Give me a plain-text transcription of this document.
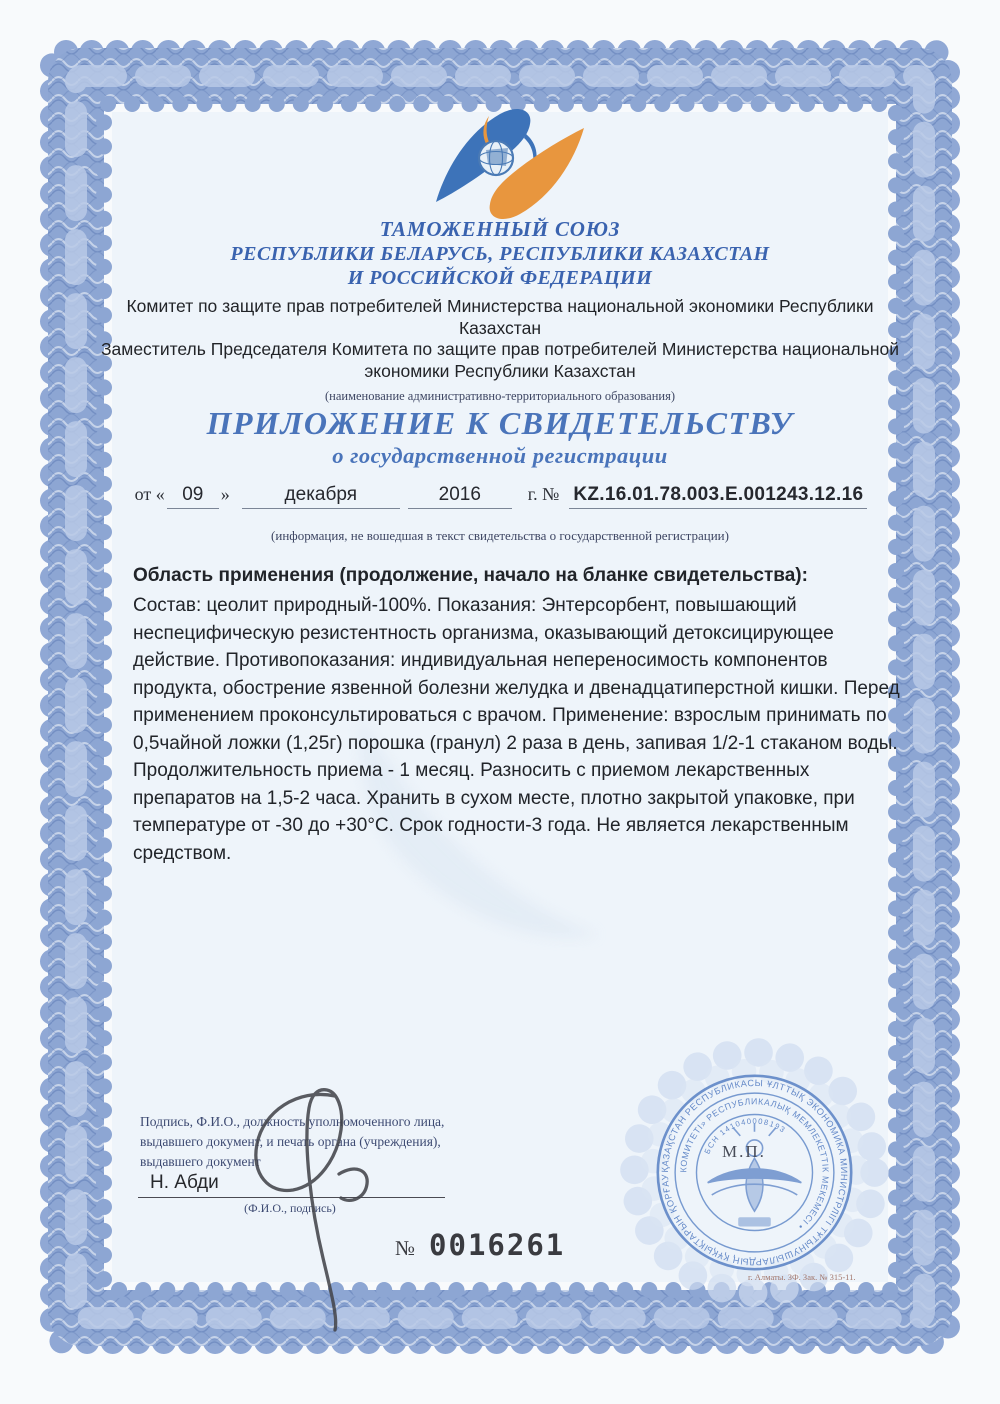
ТАМОЖЕННЫЙ СОЮЗ
РЕСПУБЛИКИ БЕЛАРУСЬ, РЕСПУБЛИКИ КАЗАХСТАН
И РОССИЙСКОЙ ФЕДЕРАЦИИ
Комитет по защите прав потребителей Министерства национальной экономики Республики Казахстан
Заместитель Председателя Комитета по защите прав потребителей Министерства национальной экономики Республики Казахстан
(наименование административно-территориального образования)
ПРИЛОЖЕНИЕ К СВИДЕТЕЛЬСТВУ
о государственной регистрации
от « 09 »	декабря	2016	г. № KZ.16.01.78.003.Е.001243.12.16
(информация, не вошедшая в текст свидетельства о государственной регистрации)
Область применения (продолжение, начало на бланке свидетельства):
Состав: цеолит природный-100%. Показания: Энтерсорбент, повышающий неспецифическую резистентность организма, оказывающий детоксицирующее действие. Противопоказания: индивидуальная непереносимость компонентов продукта, обострение язвенной болезни желудка и двенадцатиперстной кишки. Перед применением проконсультироваться с врачом. Применение: взрослым принимать по 0,5чайной ложки (1,25г) порошка (гранул) 2 раза в день, запивая 1/2-1 стаканом воды. Продолжительность приема - 1 месяц. Разносить с приемом лекарственных препаратов на 1,5-2 часа. Хранить в сухом месте, плотно закрытой упаковке, при температуре от -30 до +30°С. Срок годности-3 года. Не является лекарственным средством.
Подпись, Ф.И.О., должность уполномоченного лица,
выдавшего документ, и печать органа (учреждения),
выдавшего документ
Н. Абди
(Ф.И.О., подпись)
ҚАЗАҚСТАН РЕСПУБЛИКАСЫ ҰЛТТЫҚ ЭКОНОМИКА МИНИСТРЛІГІ ТҰТЫНУШЫЛАРДЫҢ ҚҰҚЫҚТАРЫН ҚОРҒАУ
КОМИТЕТІ» РЕСПУБЛИКАЛЫҚ МЕМЛЕКЕТТІК МЕКЕМЕСІ •
БСН 141040008193
М.П.
№ 0016261
г. Алматы. ЗФ. Зак. № 315-11.
